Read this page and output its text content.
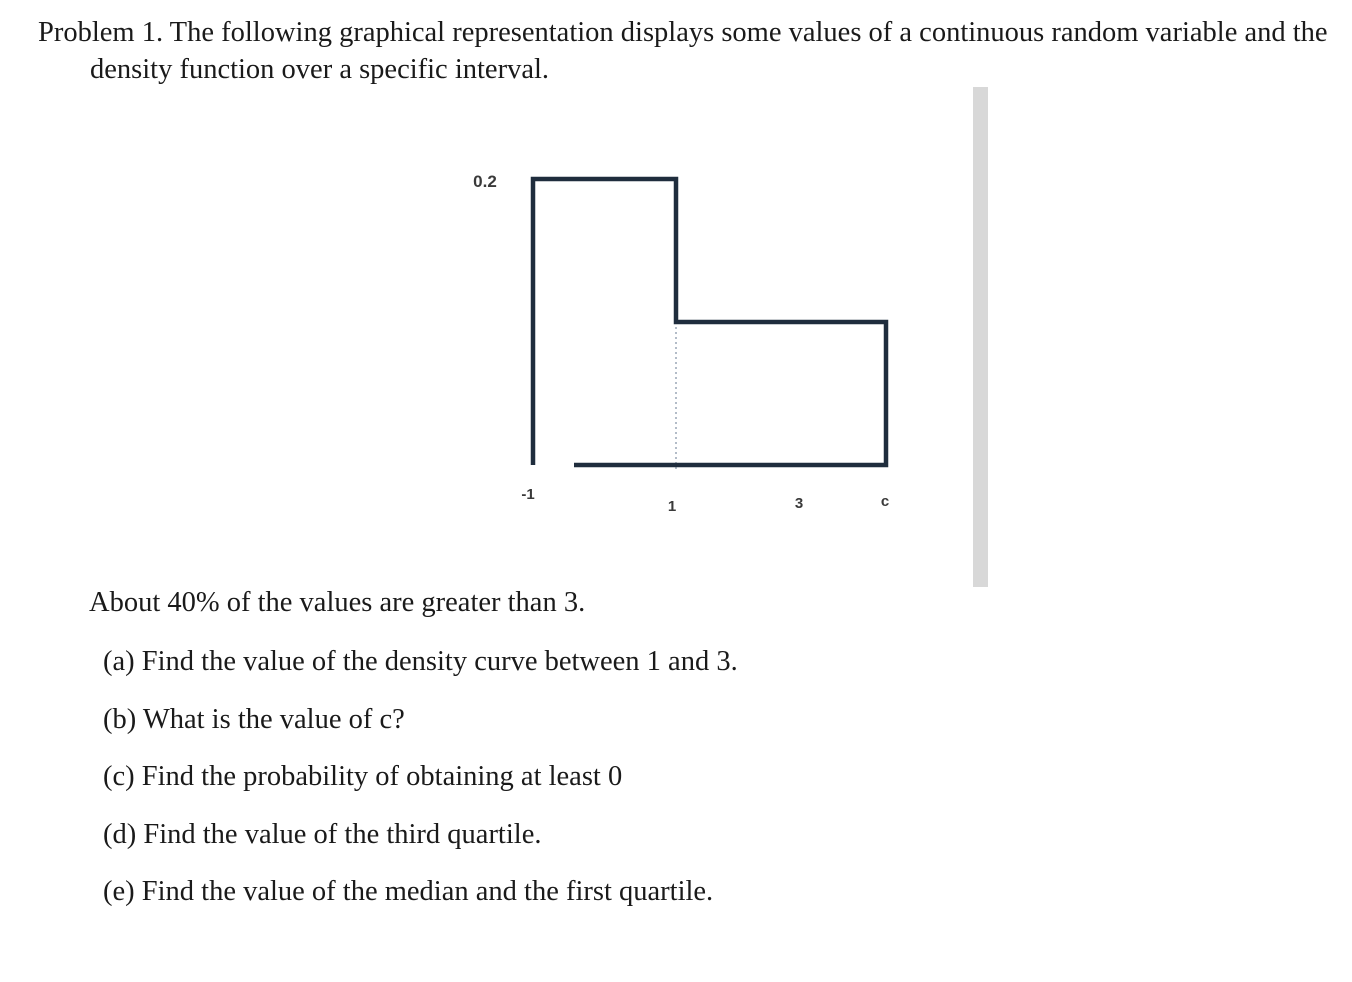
Problem 1. The following graphical representation displays some values of a continuous random variable and the density function over a specific interval.

0.2
-1
1	3	c

About 40% of the values are greater than 3.

(a) Find the value of the density curve between 1 and 3.
(b) What is the value of c?
(c) Find the probability of obtaining at least 0
(d) Find the value of the third quartile.
(e) Find the value of the median and the first quartile.
